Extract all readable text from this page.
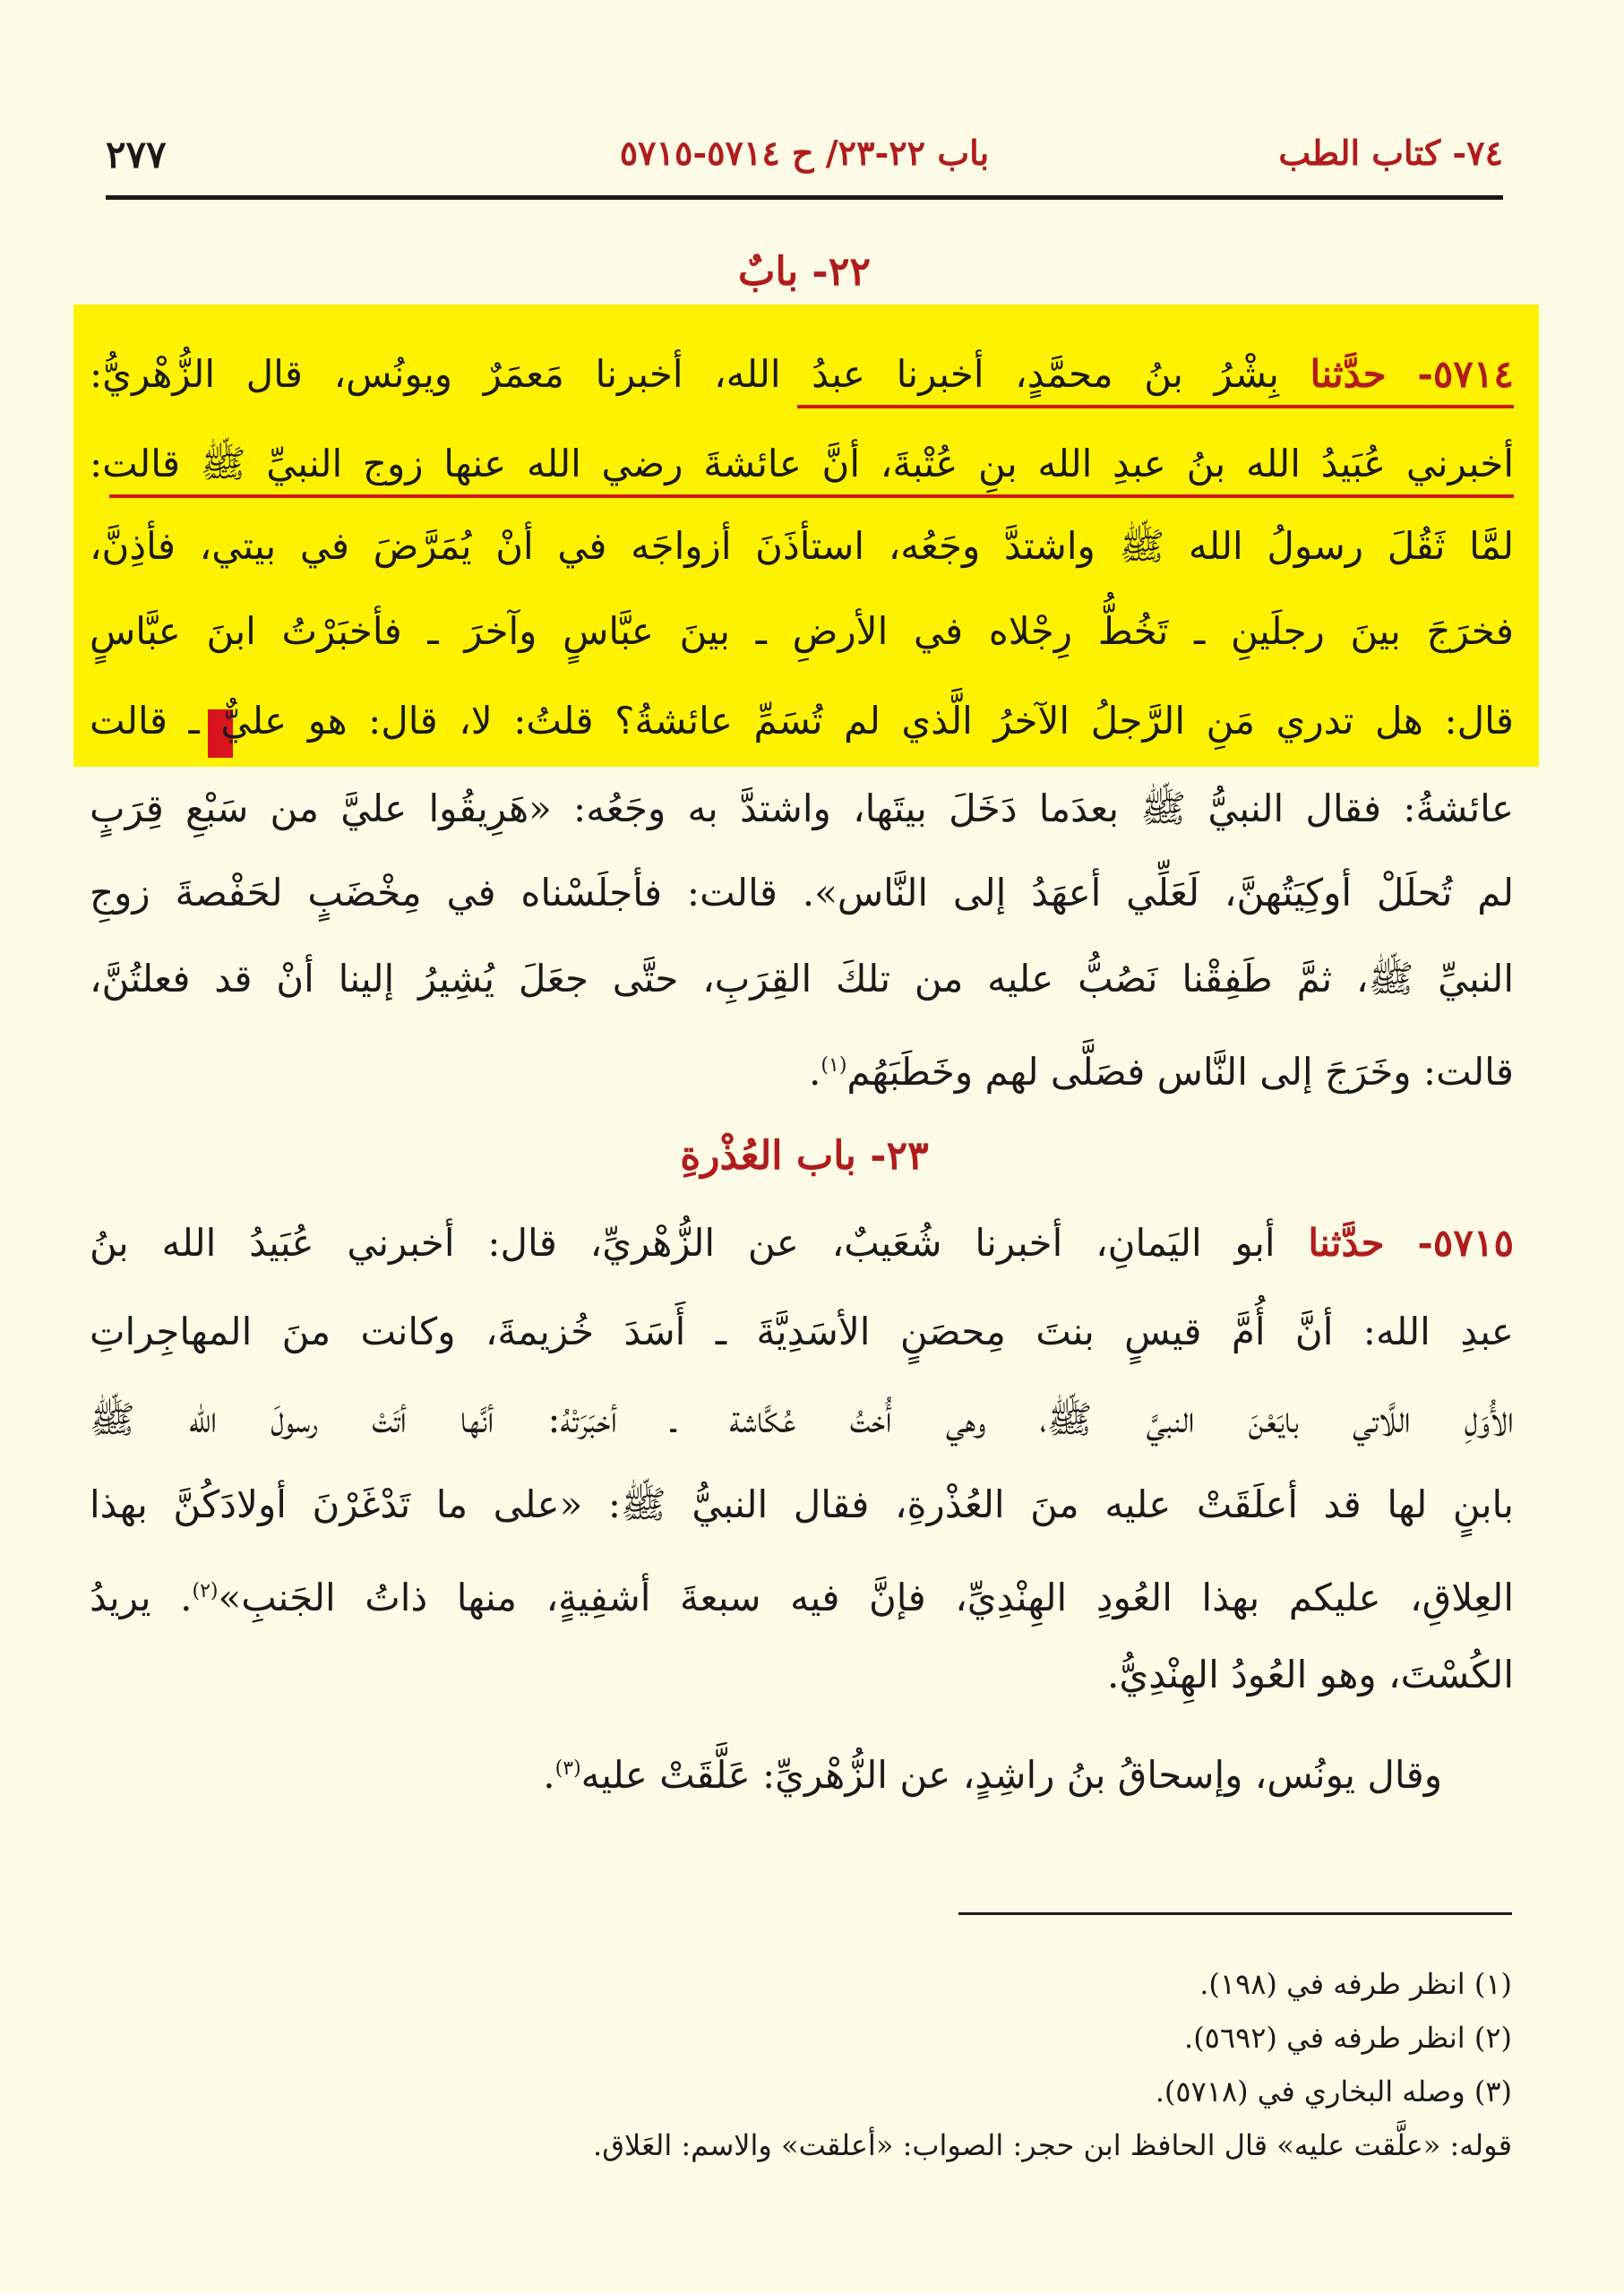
٧٤- كتاب الطب
باب ٢٢-٢٣/ ح ٥٧١٤-٥٧١٥
٢٧٧
٢٢- بابٌ
٥٧١٤- حدَّثنا بِشْرُ بنُ محمَّدٍ، أخبرنا عبدُ الله، أخبرنا مَعمَرٌ ويونُس، قال الزُّهْريُّ:
أخبرني عُبَيدُ الله بنُ عبدِ الله بنِ عُتْبةَ، أنَّ عائشةَ رضي الله عنها زوج النبيِّ ﷺ قالت:
لمَّا ثَقُلَ رسولُ الله ﷺ واشتدَّ وجَعُه، استأذَنَ أزواجَه في أنْ يُمَرَّضَ في بيتي، فأذِنَّ،
فخرَجَ بينَ رجلَينِ ـ تَخُطُّ رِجْلاه في الأرضِ ـ بينَ عبَّاسٍ وآخرَ ـ فأخبَرْتُ ابنَ عبَّاسٍ
قال: هل تدري مَنِ الرَّجلُ الآخرُ الَّذي لم تُسَمِّ عائشةُ؟ قلتُ: لا، قال: هو عليٌّ ـ قالت
عائشةُ: فقال النبيُّ ﷺ بعدَما دَخَلَ بيتَها، واشتدَّ به وجَعُه: «هَرِيقُوا عليَّ من سَبْعِ قِرَبٍ
لم تُحلَلْ أوكِيَتُهنَّ، لَعَلِّي أعهَدُ إلى النَّاس». قالت: فأجلَسْناه في مِخْضَبٍ لحَفْصةَ زوجِ
النبيِّ ﷺ، ثمَّ طَفِقْنا نَصُبُّ عليه من تلكَ القِرَبِ، حتَّى جعَلَ يُشِيرُ إلينا أنْ قد فعلتُنَّ،
قالت: وخَرَجَ إلى النَّاس فصَلَّى لهم وخَطَبَهُم$^{(١)}$.
٢٣- باب العُذْرةِ
٥٧١٥- حدَّثنا أبو اليَمانِ، أخبرنا شُعَيبٌ، عن الزُّهْريِّ، قال: أخبرني عُبَيدُ الله بنُ
عبدِ الله: أنَّ أُمَّ قيسٍ بنتَ مِحصَنٍ الأسَدِيَّةَ ـ أَسَدَ خُزيمةَ، وكانت منَ المهاجِراتِ
الأُوَلِ اللَّاتي بايَعْنَ النبيَّ ﷺ، وهي أُختُ عُكَّاشة ـ أخبَرَتْهُ: أنَّها أتَتْ رسولَ الله ﷺ
بابنٍ لها قد أعلَقَتْ عليه منَ العُذْرةِ، فقال النبيُّ ﷺ: «على ما تَدْغَرْنَ أولادَكُنَّ بهذا
العِلاقِ، عليكم بهذا العُودِ الهِنْدِيِّ، فإنَّ فيه سبعةَ أشفِيةٍ، منها ذاتُ الجَنبِ»$^{(٢)}$. يريدُ
الكُسْتَ، وهو العُودُ الهِنْدِيُّ.
وقال يونُس، وإسحاقُ بنُ راشِدٍ، عن الزُّهْريِّ: عَلَّقَتْ عليه$^{(٣)}$.
(١) انظر طرفه في (١٩٨).
(٢) انظر طرفه في (٥٦٩٢).
(٣) وصله البخاري في (٥٧١٨).
قوله: «علَّقت عليه» قال الحافظ ابن حجر: الصواب: «أعلقت» والاسم: العَلاق.
